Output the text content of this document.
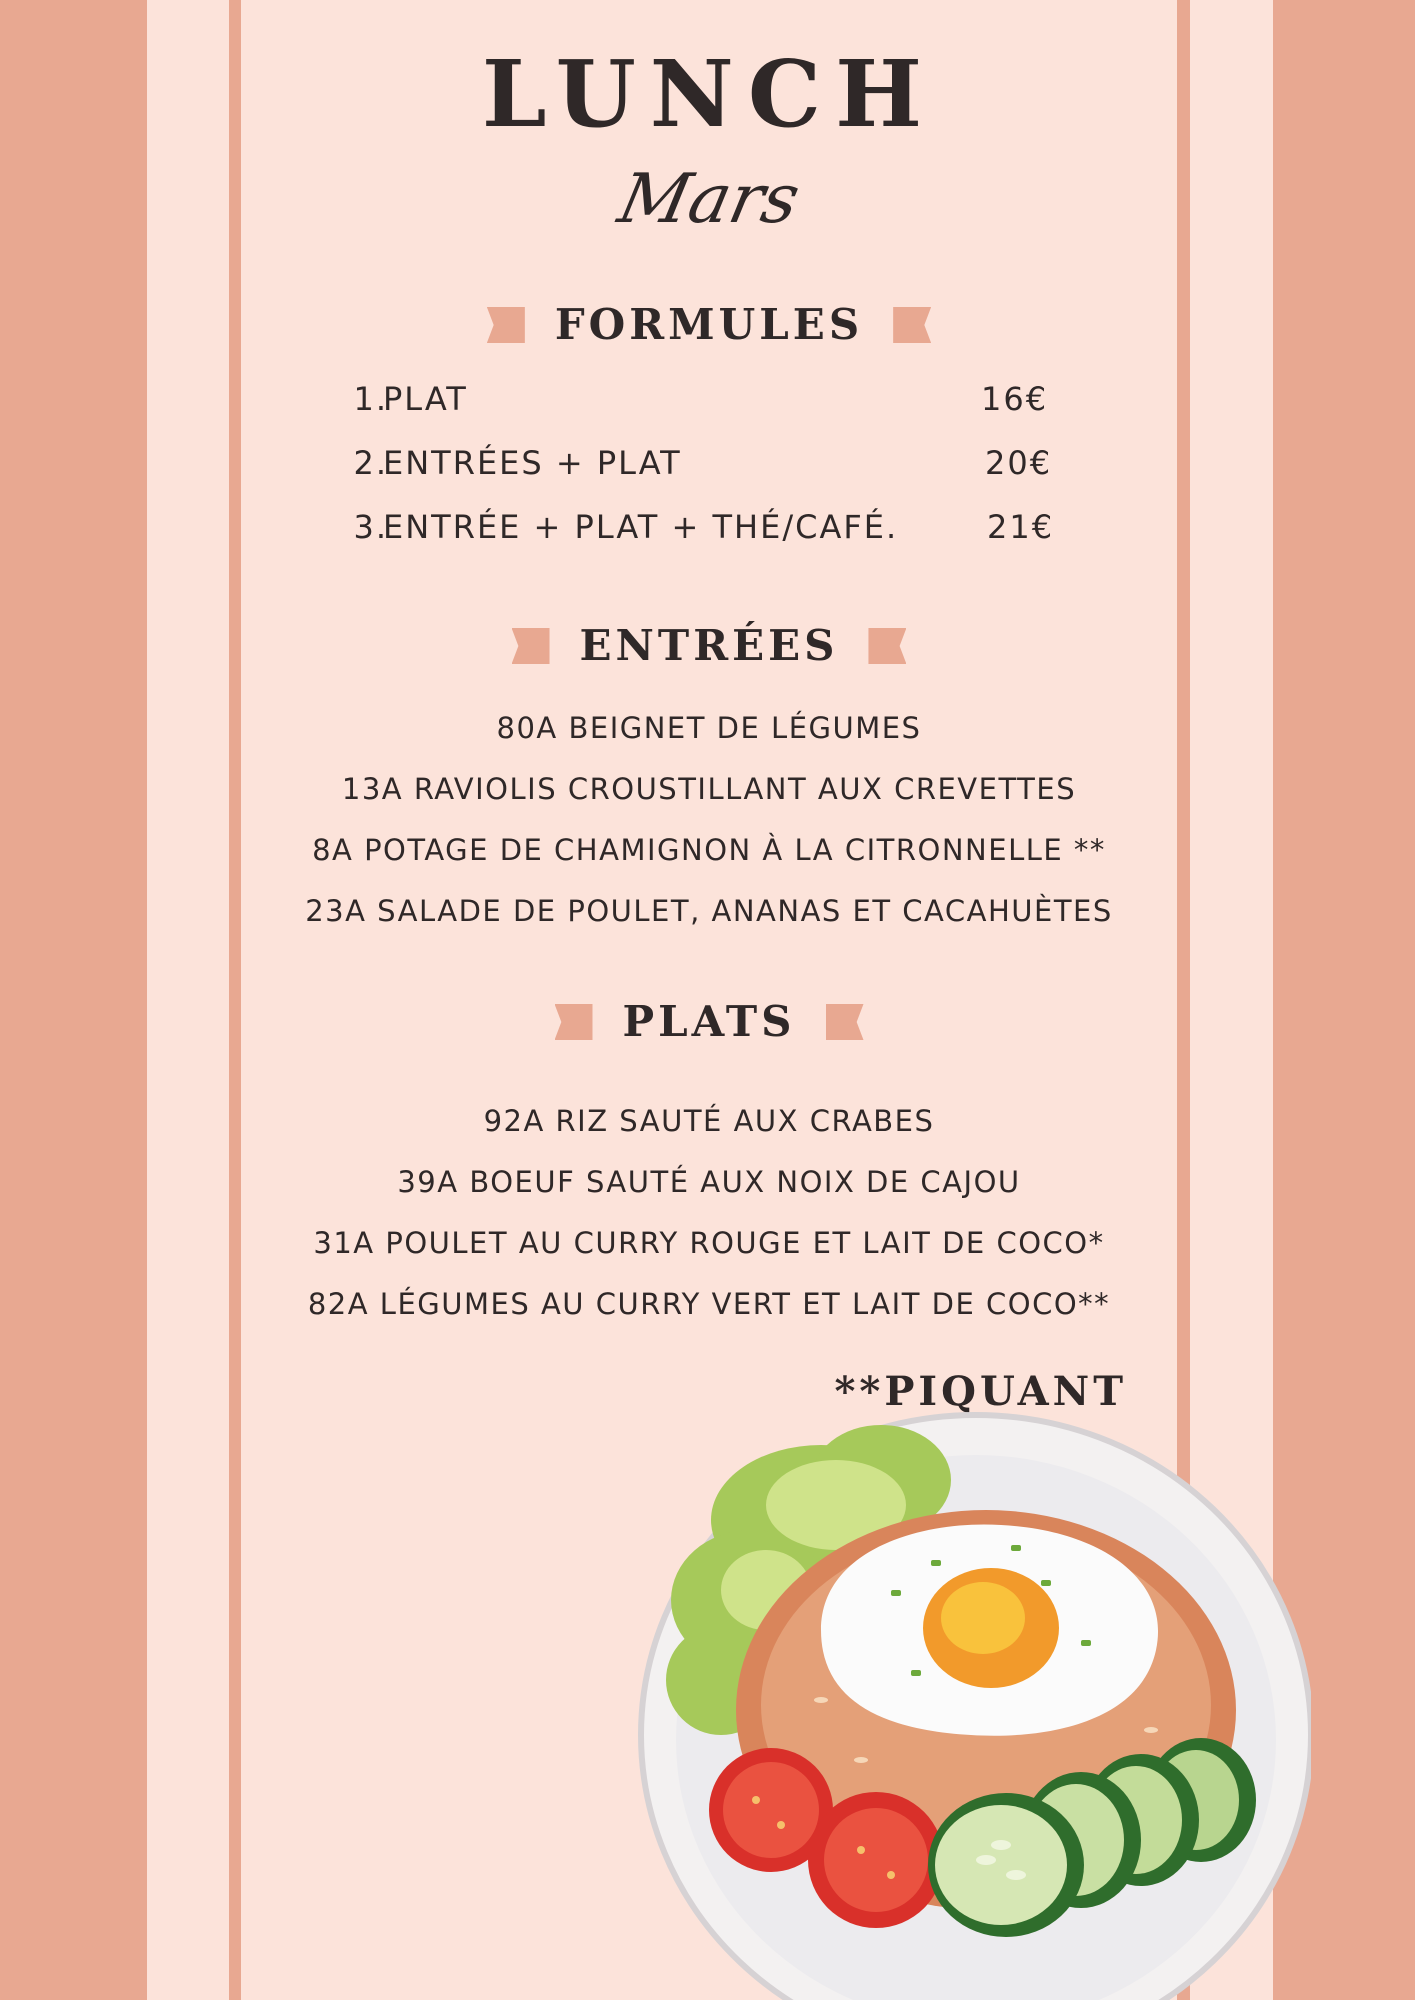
LUNCH
Mars
FORMULES
1.
PLAT	16€
2.
ENTRÉES + PLAT	20€
3.
ENTRÉE + PLAT + THÉ/CAFÉ.	21€
ENTRÉES
80A BEIGNET DE LÉGUMES
13A RAVIOLIS CROUSTILLANT AUX CREVETTES
8A POTAGE DE CHAMIGNON À LA CITRONNELLE **
23A SALADE DE POULET, ANANAS ET CACAHUÈTES
PLATS
92A RIZ SAUTÉ AUX CRABES
39A BOEUF SAUTÉ AUX NOIX DE CAJOU
31A POULET AU CURRY ROUGE ET LAIT DE COCO*
82A LÉGUMES AU CURRY VERT ET LAIT DE COCO**
**PIQUANT
